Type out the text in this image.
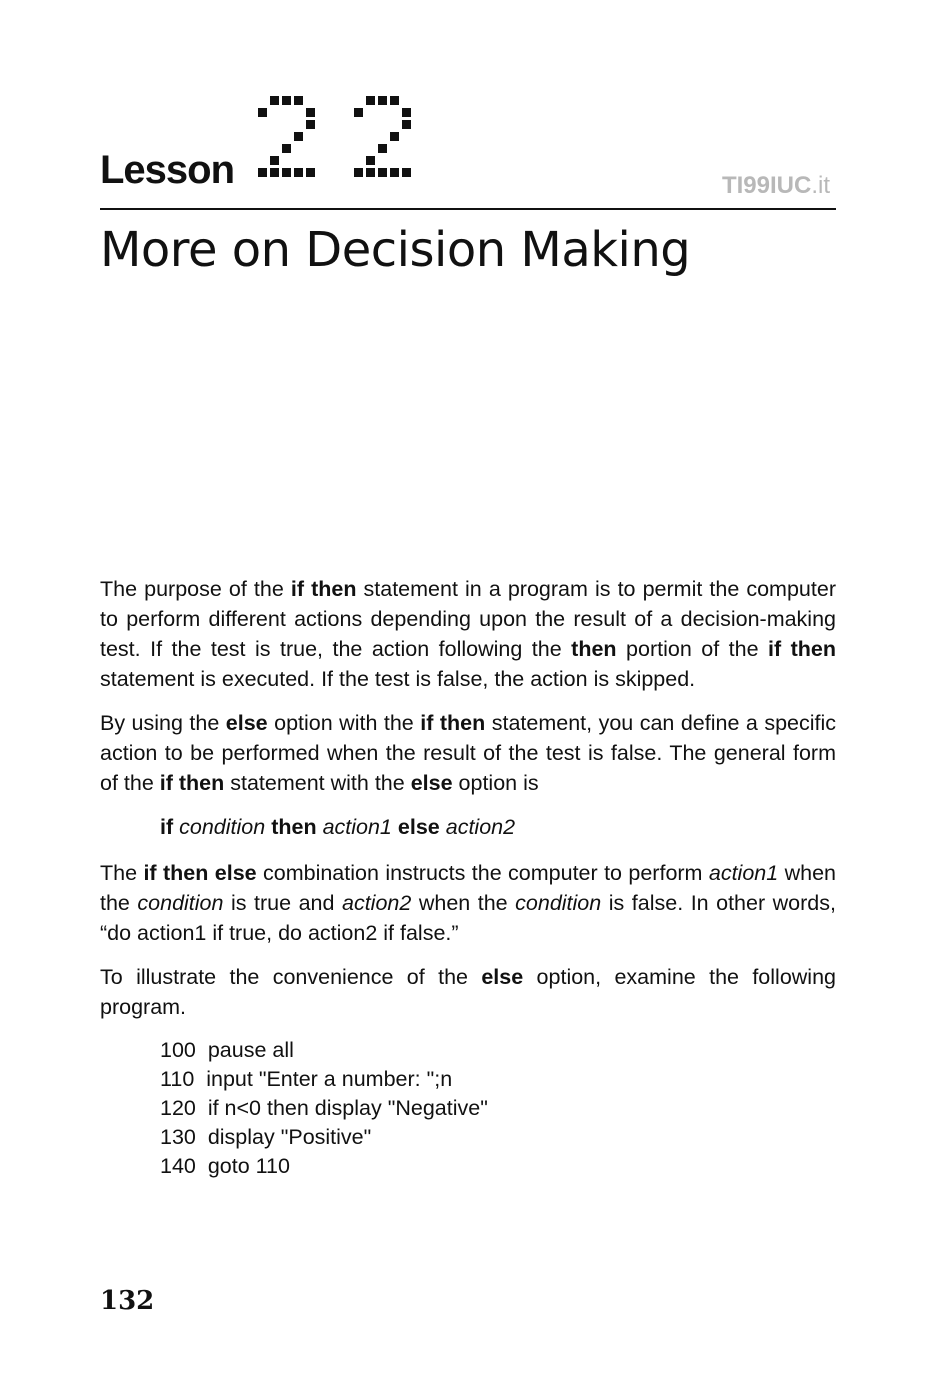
Lesson	TI99IUC.it
More on Decision Making

The purpose of the if then statement in a program is to permit the computer to perform different actions depending upon the result of a decision-making test. If the test is true, the action following the then portion of the if then statement is executed. If the test is false, the action is skipped.

By using the else option with the if then statement, you can define a specific action to be performed when the result of the test is false. The general form of the if then statement with the else option is

if condition then action1 else action2

The if then else combination instructs the computer to perform action1 when the condition is true and action2 when the condition is false. In other words, “do action1 if true, do action2 if false.”

To illustrate the convenience of the else option, examine the following program.

100  pause all
110  input "Enter a number: ";n
120  if n<0 then display "Negative"
130  display "Positive"
140  goto 110
132
